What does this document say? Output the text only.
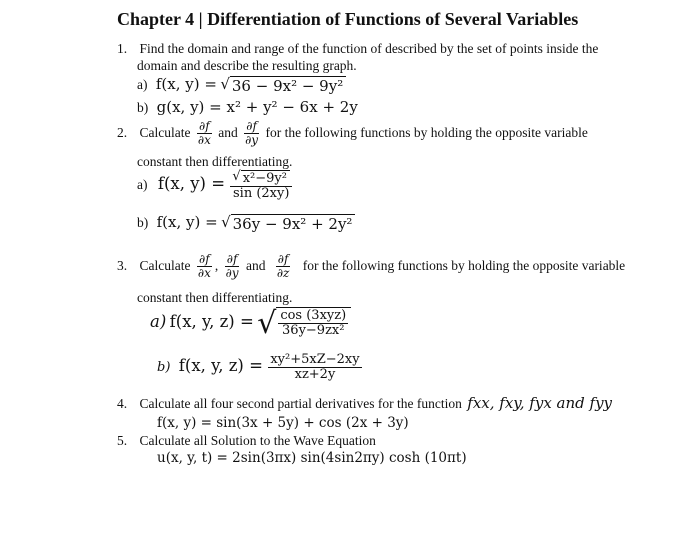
Chapter 4 | Differentiation of Functions of Several Variables
1. Find the domain and range of the function of described by the set of points inside the
domain and describe the resulting graph.
a) f(x, y) = √ 36 − 9x² − 9y²
b) g(x, y) = x² + y² − 6x + 2y
2. Calculate $\frac{\partial f}{\partial x}$ and $\frac{\partial f}{\partial y}$ for the following functions by holding the opposite variable
constant then differentiating.
a) f(x, $y) = \frac{\text{√ x²−9y²}}{\sin (2xy)}$
b) f(x, y) = √ 36y − 9x² + 2y²
3. Calculate $\frac{\partial f}{\partial x}$ , $\frac{\partial f}{\partial y}$ and $\frac{\partial f}{\partial z}$ for the following functions by holding the opposite variable
constant then differentiating.
a) f(x, y, z) = √ $\frac{\text{cos (3xyz)}}{\text{36y−9zx²}}$
b) f(x, y, $z) = \frac{\text{xy²+5xZ−2xy}}{xz+2y}$
4. Calculate all four second partial derivatives for the function fxx, fxy, fyx and fyy
f(x, y) = sin(3x + 5y) + cos (2x + 3y)
5. Calculate all Solution to the Wave Equation
u(x, y, t) = 2sin(3πx) sin(4sin2πy) cosh (10πt)
